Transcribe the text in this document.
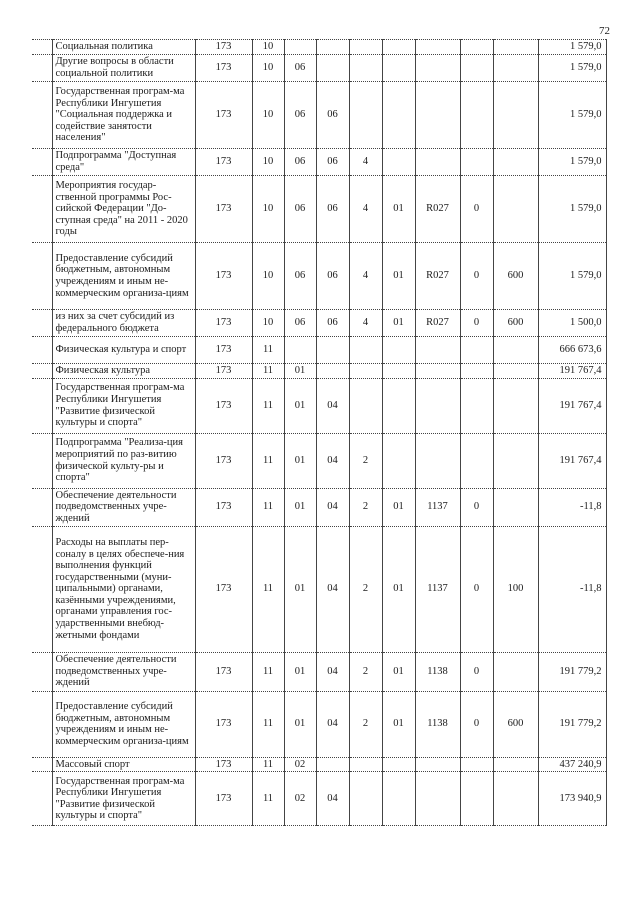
72
	Социальная политика	173	10								1 579,0
	Другие вопросы в области социальной политики	173	10	06							1 579,0
	Государственная програм-ма Республики Ингушетия "Социальная поддержка и содействие занятости населения"	173	10	06	06						1 579,0
	Подпрограмма "Доступная среда"	173	10	06	06	4					1 579,0
	Мероприятия государ-ственной программы Рос-сийской Федерации "До-ступная среда" на 2011 - 2020 годы	173	10	06	06	4	01	R027	0		1 579,0
	Предоставление субсидий бюджетным, автономным учреждениям и иным не-коммерческим организа-циям	173	10	06	06	4	01	R027	0	600	1 579,0
	из них за счет субсидий из федерального бюджета	173	10	06	06	4	01	R027	0	600	1 500,0
	Физическая культура и спорт	173	11								666 673,6
	Физическая культура	173	11	01							191 767,4
	Государственная програм-ма Республики Ингушетия "Развитие физической культуры и спорта"	173	11	01	04						191 767,4
	Подпрограмма "Реализа-ция мероприятий по раз-витию физической культу-ры и спорта"	173	11	01	04	2					191 767,4
	Обеспечение деятельности подведомственных учре-ждений	173	11	01	04	2	01	1137	0		-11,8
	Расходы на выплаты пер-соналу в целях обеспече-ния выполнения функций государственными (муни-ципальными) органами, казёнными учреждениями, органами управления гос-ударственными внебюд-жетными фондами	173	11	01	04	2	01	1137	0	100	-11,8
	Обеспечение деятельности подведомственных учре-ждений	173	11	01	04	2	01	1138	0		191 779,2
	Предоставление субсидий бюджетным, автономным учреждениям и иным не-коммерческим организа-циям	173	11	01	04	2	01	1138	0	600	191 779,2
	Массовый спорт	173	11	02							437 240,9
	Государственная програм-ма Республики Ингушетия "Развитие физической культуры и спорта"	173	11	02	04						173 940,9
